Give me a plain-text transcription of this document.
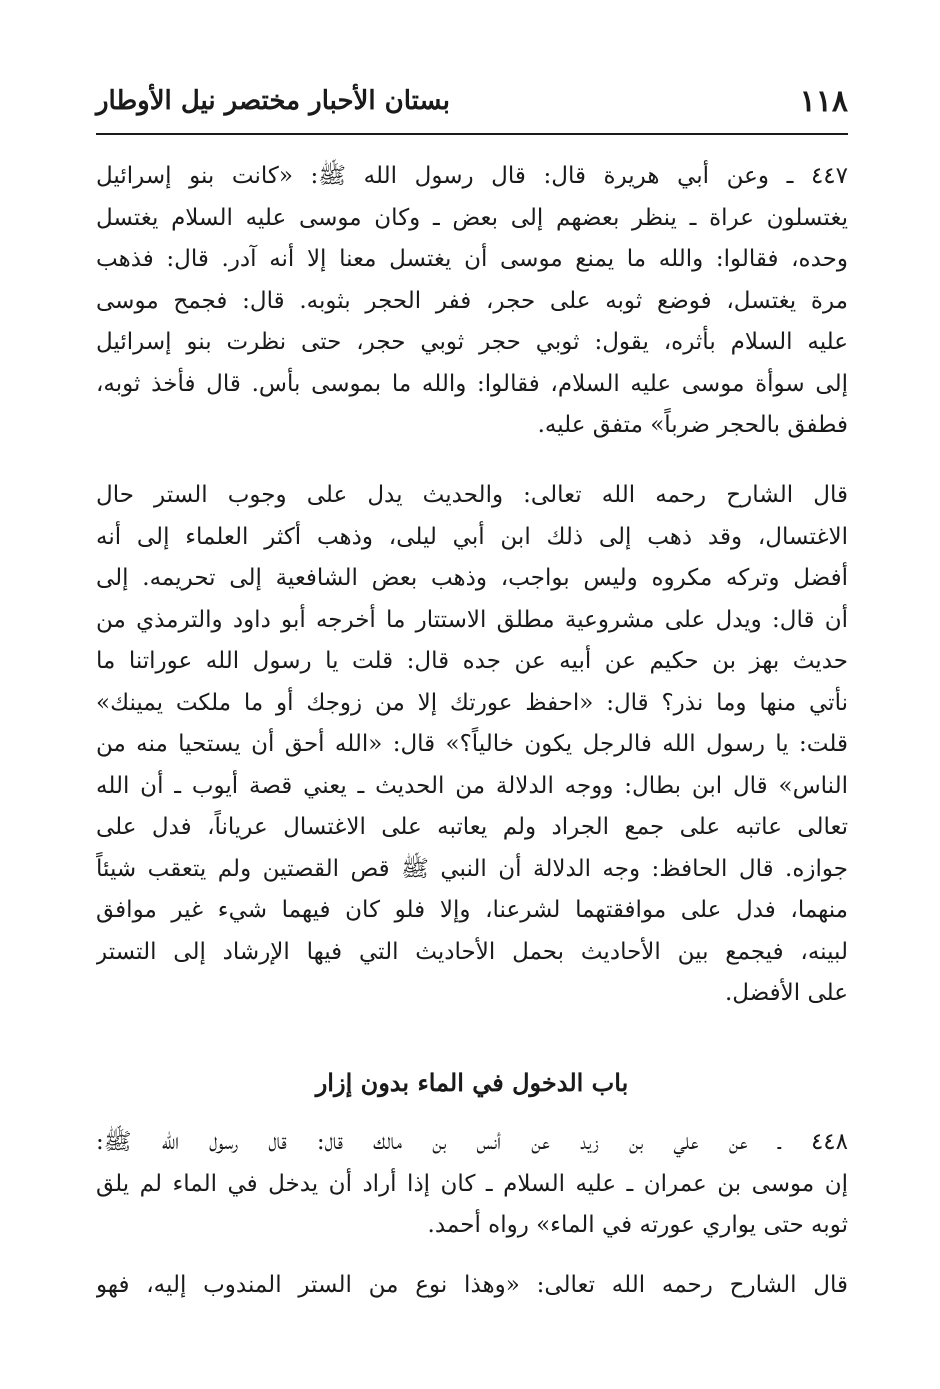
١١٨
بستان الأحبار مختصر نيل الأوطار
٤٤٧ ـ وعن أبي هريرة قال: قال رسول الله ﷺ: «كانت بنو إسرائيل
يغتسلون عراة ـ ينظر بعضهم إلى بعض ـ وكان موسى عليه السلام يغتسل
وحده، فقالوا: والله ما يمنع موسى أن يغتسل معنا إلا أنه آدر. قال: فذهب
مرة يغتسل، فوضع ثوبه على حجر، ففر الحجر بثوبه. قال: فجمح موسى
عليه السلام بأثره، يقول: ثوبي حجر ثوبي حجر، حتى نظرت بنو إسرائيل
إلى سوأة موسى عليه السلام، فقالوا: والله ما بموسى بأس. قال فأخذ ثوبه،
فطفق بالحجر ضرباً» متفق عليه.
قال الشارح رحمه الله تعالى: والحديث يدل على وجوب الستر حال
الاغتسال، وقد ذهب إلى ذلك ابن أبي ليلى، وذهب أكثر العلماء إلى أنه
أفضل وتركه مكروه وليس بواجب، وذهب بعض الشافعية إلى تحريمه. إلى
أن قال: ويدل على مشروعية مطلق الاستتار ما أخرجه أبو داود والترمذي من
حديث بهز بن حكيم عن أبيه عن جده قال: قلت يا رسول الله عوراتنا ما
نأتي منها وما نذر؟ قال: «احفظ عورتك إلا من زوجك أو ما ملكت يمينك»
قلت: يا رسول الله فالرجل يكون خالياً؟» قال: «الله أحق أن يستحيا منه من
الناس» قال ابن بطال: ووجه الدلالة من الحديث ـ يعني قصة أيوب ـ أن الله
تعالى عاتبه على جمع الجراد ولم يعاتبه على الاغتسال عرياناً، فدل على
جوازه. قال الحافظ: وجه الدلالة أن النبي ﷺ قص القصتين ولم يتعقب شيئاً
منهما، فدل على موافقتهما لشرعنا، وإلا فلو كان فيهما شيء غير موافق
لبينه، فيجمع بين الأحاديث بحمل الأحاديث التي فيها الإرشاد إلى التستر
على الأفضل.
باب الدخول في الماء بدون إزار
٤٤٨ ـ عن علي بن زيد عن أنس بن مالك قال: قال رسول الله ﷺ:
إن موسى بن عمران ـ عليه السلام ـ كان إذا أراد أن يدخل في الماء لم يلق
ثوبه حتى يواري عورته في الماء» رواه أحمد.
قال الشارح رحمه الله تعالى: «وهذا نوع من الستر المندوب إليه، فهو
